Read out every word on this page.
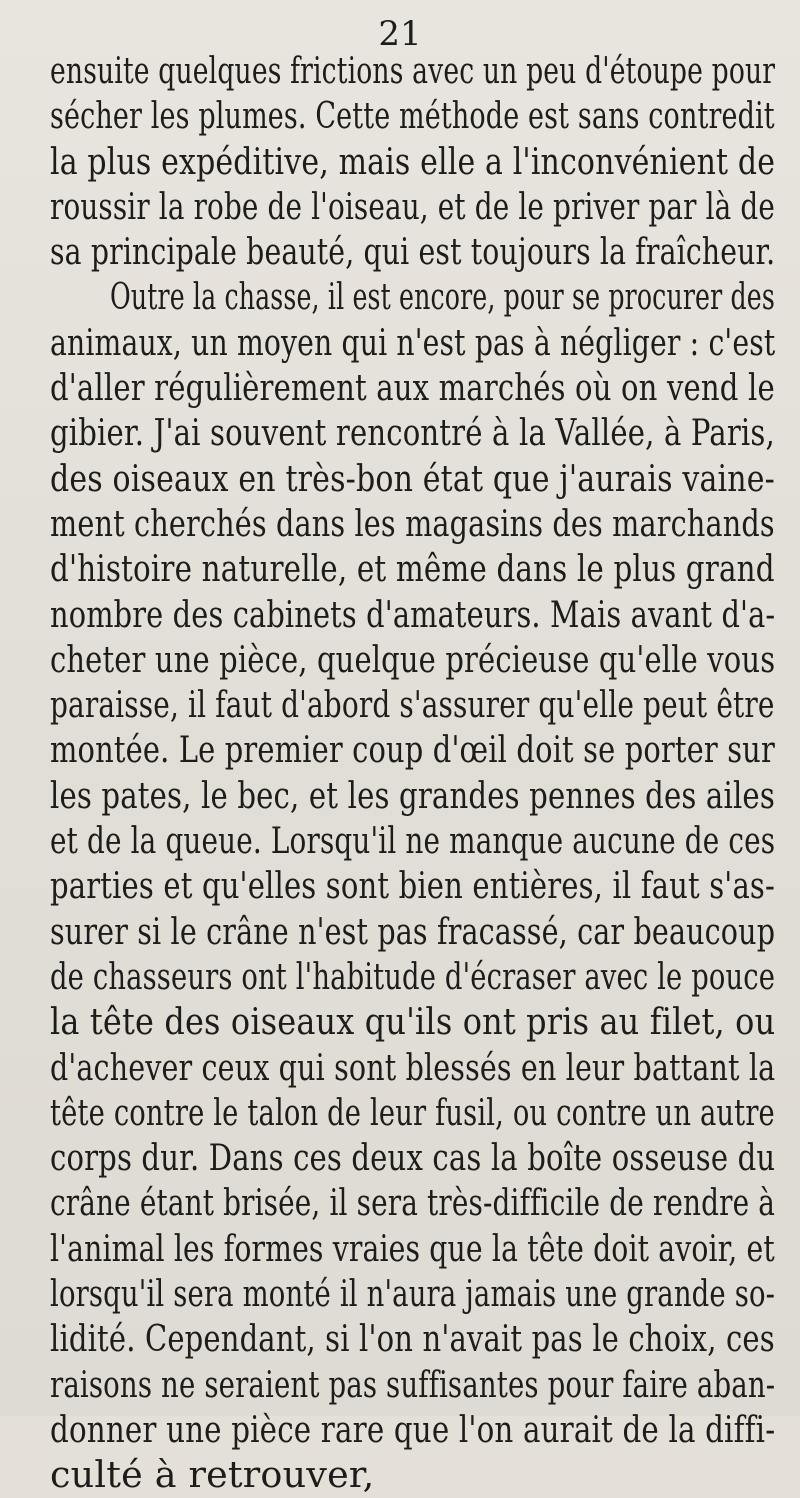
21
ensuite quelques frictions avec un peu d'étoupe pour
sécher les plumes. Cette méthode est sans contredit
la plus expéditive, mais elle a l'inconvénient de
roussir la robe de l'oiseau, et de le priver par là de
sa principale beauté, qui est toujours la fraîcheur.
Outre la chasse, il est encore, pour se procurer des
animaux, un moyen qui n'est pas à négliger : c'est
d'aller régulièrement aux marchés où on vend le
gibier. J'ai souvent rencontré à la Vallée, à Paris,
des oiseaux en très-bon état que j'aurais vaine-
ment cherchés dans les magasins des marchands
d'histoire naturelle, et même dans le plus grand
nombre des cabinets d'amateurs. Mais avant d'a-
cheter une pièce, quelque précieuse qu'elle vous
paraisse, il faut d'abord s'assurer qu'elle peut être
montée. Le premier coup d'œil doit se porter sur
les pates, le bec, et les grandes pennes des ailes
et de la queue. Lorsqu'il ne manque aucune de ces
parties et qu'elles sont bien entières, il faut s'as-
surer si le crâne n'est pas fracassé, car beaucoup
de chasseurs ont l'habitude d'écraser avec le pouce
la tête des oiseaux qu'ils ont pris au filet, ou
d'achever ceux qui sont blessés en leur battant la
tête contre le talon de leur fusil, ou contre un autre
corps dur. Dans ces deux cas la boîte osseuse du
crâne étant brisée, il sera très-difficile de rendre à
l'animal les formes vraies que la tête doit avoir, et
lorsqu'il sera monté il n'aura jamais une grande so-
lidité. Cependant, si l'on n'avait pas le choix, ces
raisons ne seraient pas suffisantes pour faire aban-
donner une pièce rare que l'on aurait de la diffi-
culté à retrouver,
